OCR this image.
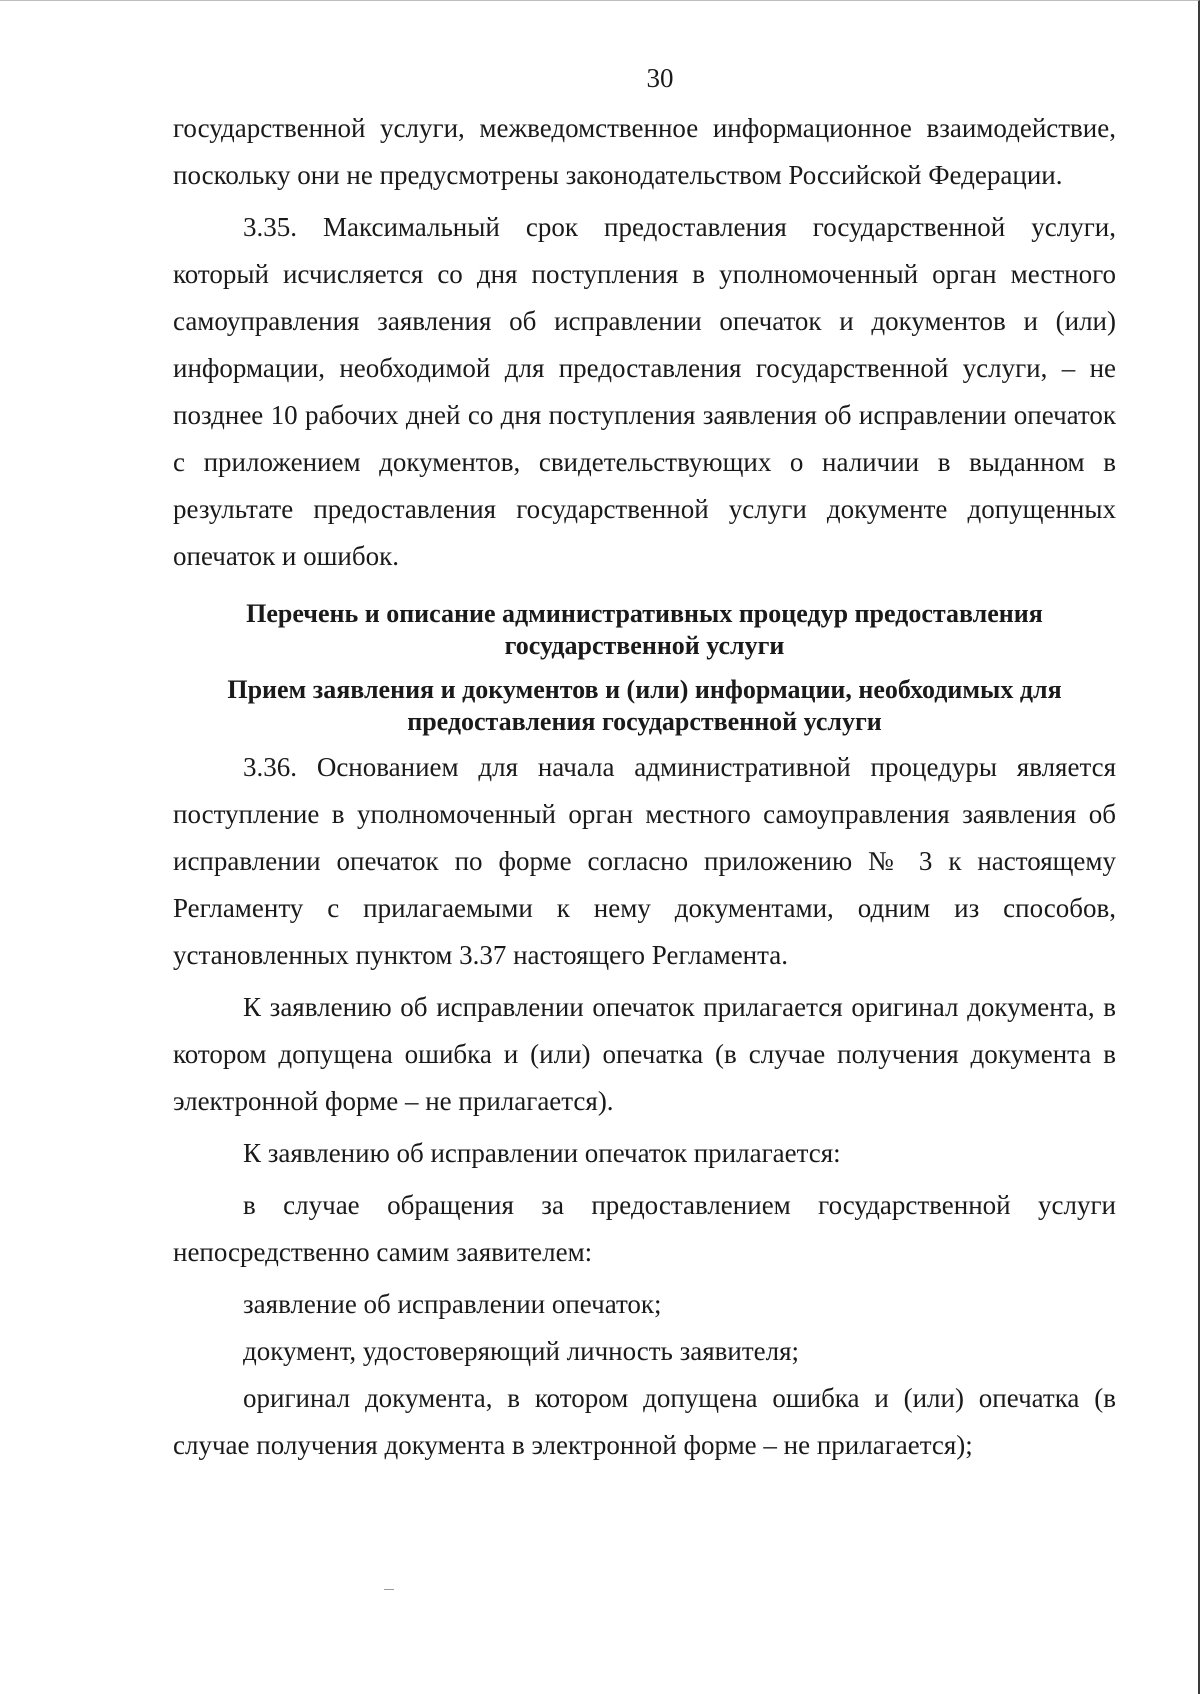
30

государственной услуги, межведомственное информационное взаимодействие, поскольку они не предусмотрены законодательством Российской Федерации.

3.35. Максимальный срок предоставления государственной услуги, который исчисляется со дня поступления в уполномоченный орган местного самоуправления заявления об исправлении опечаток и документов и (или) информации, необходимой для предоставления государственной услуги, – не позднее 10 рабочих дней со дня поступления заявления об исправлении опечаток с приложением документов, свидетельствующих о наличии в выданном в результате предоставления государственной услуги документе допущенных опечаток и ошибок.

Перечень и описание административных процедур предоставления государственной услуги
Прием заявления и документов и (или) информации, необходимых для предоставления государственной услуги

3.36. Основанием для начала административной процедуры является поступление в уполномоченный орган местного самоуправления заявления об исправлении опечаток по форме согласно приложению № 3 к настоящему Регламенту с прилагаемыми к нему документами, одним из способов, установленных пунктом 3.37 настоящего Регламента.

К заявлению об исправлении опечаток прилагается оригинал документа, в котором допущена ошибка и (или) опечатка (в случае получения документа в электронной форме – не прилагается).

К заявлению об исправлении опечаток прилагается:

в случае обращения за предоставлением государственной услуги непосредственно самим заявителем:

заявление об исправлении опечаток;

документ, удостоверяющий личность заявителя;

оригинал документа, в котором допущена ошибка и (или) опечатка (в случае получения документа в электронной форме – не прилагается);
